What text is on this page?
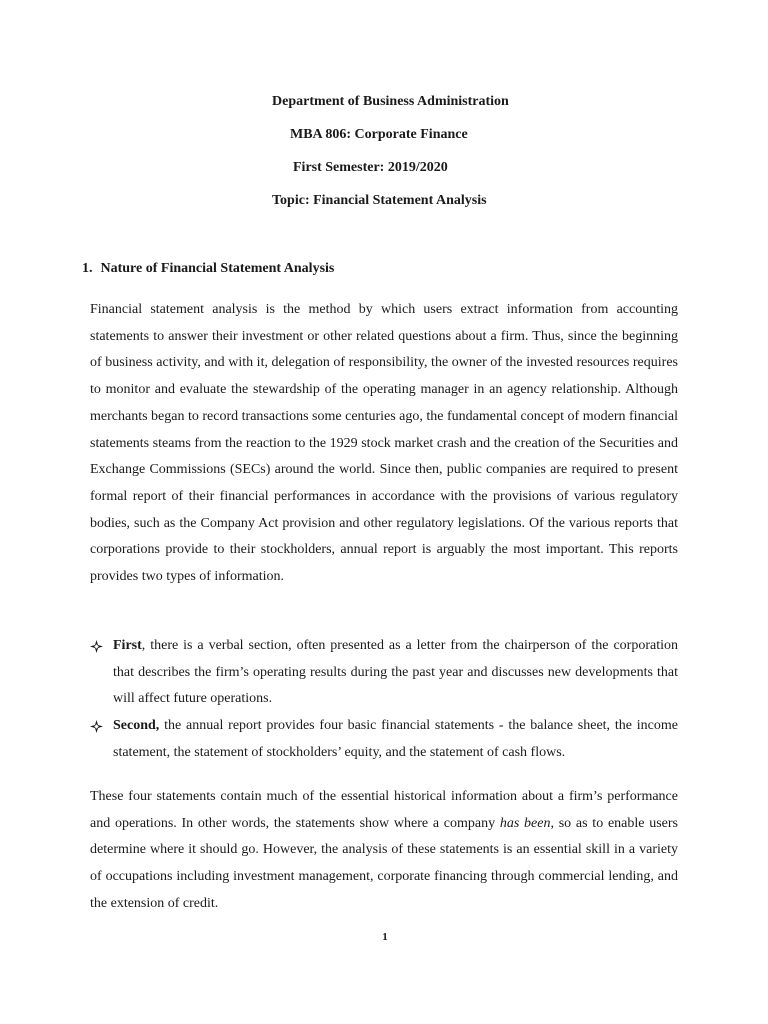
Department of Business Administration
MBA 806: Corporate Finance
First Semester: 2019/2020
Topic: Financial Statement Analysis
1. Nature of Financial Statement Analysis

Financial statement analysis is the method by which users extract information from accounting statements to answer their investment or other related questions about a firm. Thus, since the beginning of business activity, and with it, delegation of responsibility, the owner of the invested resources requires to monitor and evaluate the stewardship of the operating manager in an agency relationship. Although merchants began to record transactions some centuries ago, the fundamental concept of modern financial statements steams from the reaction to the 1929 stock market crash and the creation of the Securities and Exchange Commissions (SECs) around the world. Since then, public companies are required to present formal report of their financial performances in accordance with the provisions of various regulatory bodies, such as the Company Act provision and other regulatory legislations. Of the various reports that corporations provide to their stockholders, annual report is arguably the most important. This reports provides two types of information.

First, there is a verbal section, often presented as a letter from the chairperson of the corporation that describes the firm’s operating results during the past year and discusses new developments that will affect future operations.
Second, the annual report provides four basic financial statements - the balance sheet, the income statement, the statement of stockholders’ equity, and the statement of cash flows.

These four statements contain much of the essential historical information about a firm’s performance and operations. In other words, the statements show where a company has been, so as to enable users determine where it should go. However, the analysis of these statements is an essential skill in a variety of occupations including investment management, corporate financing through commercial lending, and the extension of credit.

1
